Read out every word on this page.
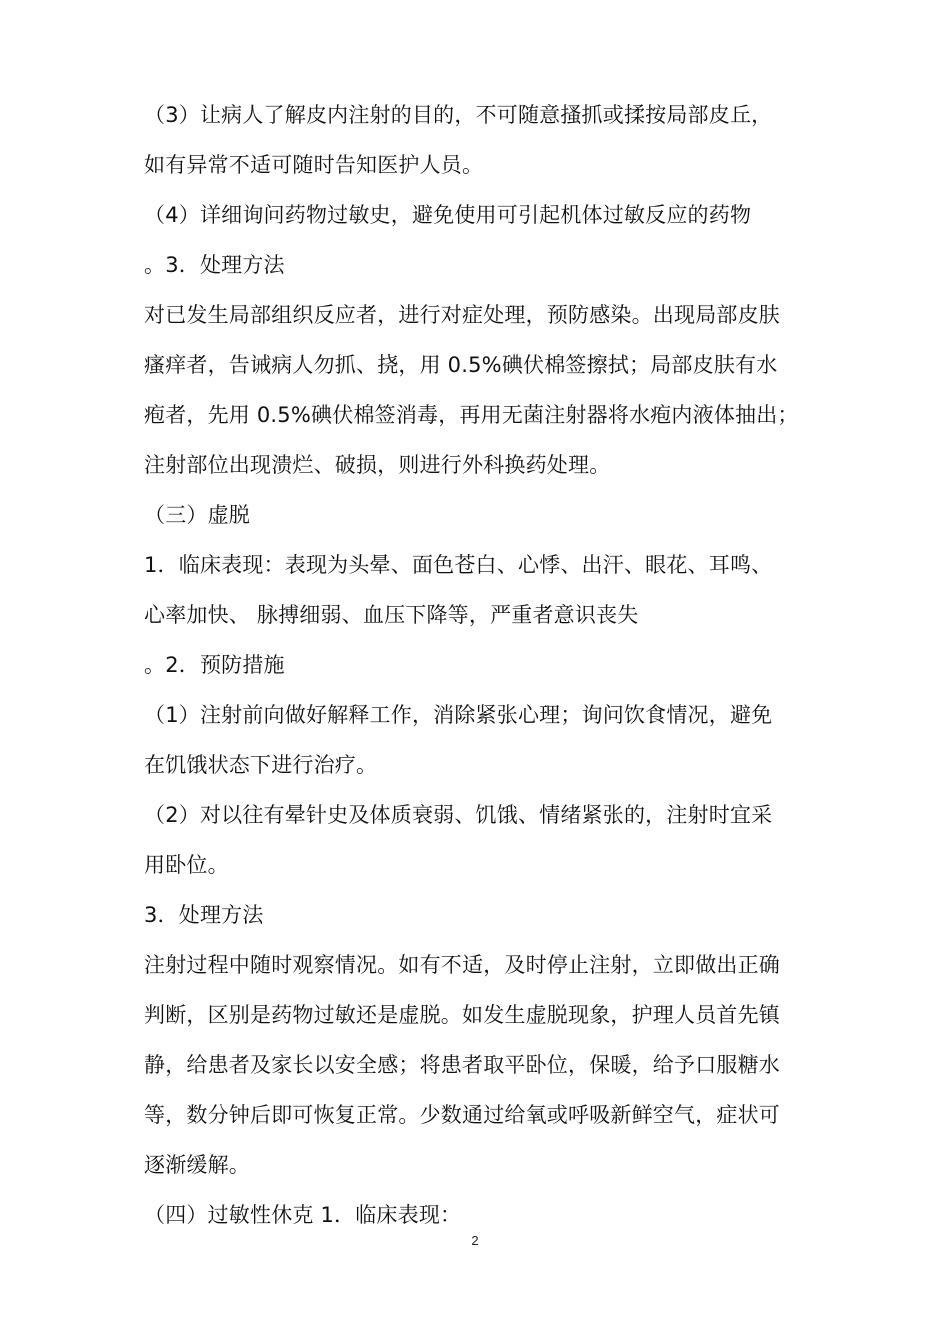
（3）让病人了解皮内注射的目的，不可随意搔抓或揉按局部皮丘，
如有异常不适可随时告知医护人员。
（4）详细询问药物过敏史，避免使用可引起机体过敏反应的药物
。3．处理方法
对已发生局部组织反应者，进行对症处理，预防感染。出现局部皮肤
瘙痒者，告诫病人勿抓、挠，用 0.5%碘伏棉签擦拭；局部皮肤有水
疱者，先用 0.5%碘伏棉签消毒，再用无菌注射器将水疱内液体抽出；
注射部位出现溃烂、破损，则进行外科换药处理。
（三）虚脱
1．临床表现：表现为头晕、面色苍白、心悸、出汗、眼花、耳鸣、
心率加快、 脉搏细弱、血压下降等，严重者意识丧失
。2．预防措施
（1）注射前向做好解释工作，消除紧张心理；询问饮食情况，避免
在饥饿状态下进行治疗。
（2）对以往有晕针史及体质衰弱、饥饿、情绪紧张的，注射时宜采
用卧位。
3．处理方法
注射过程中随时观察情况。如有不适，及时停止注射，立即做出正确
判断，区别是药物过敏还是虚脱。如发生虚脱现象，护理人员首先镇
静，给患者及家长以安全感；将患者取平卧位，保暖，给予口服糖水
等，数分钟后即可恢复正常。少数通过给氧或呼吸新鲜空气，症状可
逐渐缓解。
（四）过敏性休克 1．临床表现：
2
